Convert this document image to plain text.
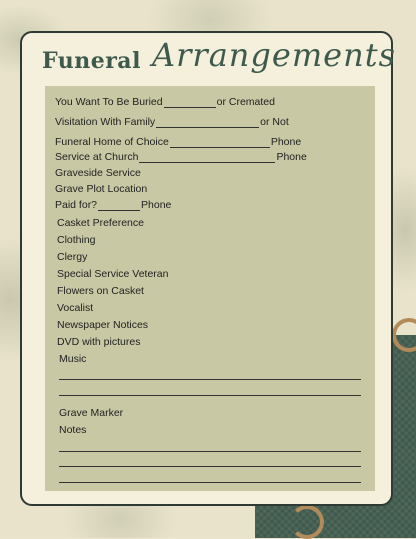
Funeral Arrangements
You Want To Be Buried	or Cremated
Visitation With Family	or Not
Funeral Home of Choice	Phone
Service at Church	Phone
Graveside Service
Grave Plot Location
Paid for?	Phone
Casket Preference
Clothing
Clergy
Special Service Veteran
Flowers on Casket
Vocalist
Newspaper Notices
DVD with pictures
Music
Grave Marker
Notes
